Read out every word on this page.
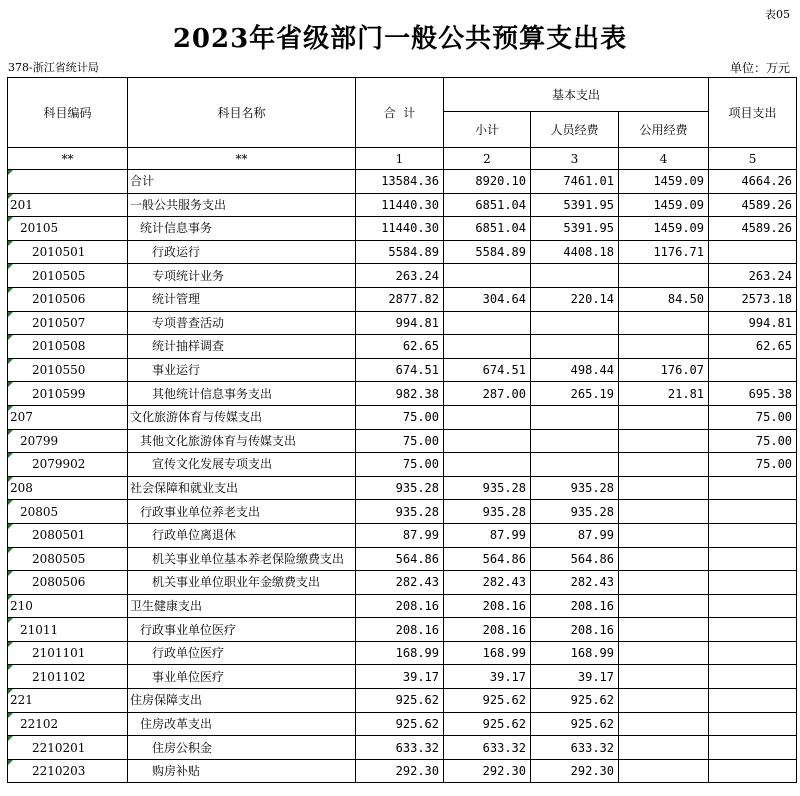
表05
2023年省级部门一般公共预算支出表
378-浙江省统计局	单位：万元
科目编码	科目名称	合  计	基本支出			项目支出
			小计	人员经费	公用经费	
**	**	1	2	3	4	5
	合计	13584.36	8920.10	7461.01	1459.09	4664.26
201	一般公共服务支出	11440.30	6851.04	5391.95	1459.09	4589.26
20105	统计信息事务	11440.30	6851.04	5391.95	1459.09	4589.26
2010501	行政运行	5584.89	5584.89	4408.18	1176.71	
2010505	专项统计业务	263.24				263.24
2010506	统计管理	2877.82	304.64	220.14	84.50	2573.18
2010507	专项普查活动	994.81				994.81
2010508	统计抽样调查	62.65				62.65
2010550	事业运行	674.51	674.51	498.44	176.07	
2010599	其他统计信息事务支出	982.38	287.00	265.19	21.81	695.38
207	文化旅游体育与传媒支出	75.00				75.00
20799	其他文化旅游体育与传媒支出	75.00				75.00
2079902	宣传文化发展专项支出	75.00				75.00
208	社会保障和就业支出	935.28	935.28	935.28		
20805	行政事业单位养老支出	935.28	935.28	935.28		
2080501	行政单位离退休	87.99	87.99	87.99		
2080505	机关事业单位基本养老保险缴费支出	564.86	564.86	564.86		
2080506	机关事业单位职业年金缴费支出	282.43	282.43	282.43		
210	卫生健康支出	208.16	208.16	208.16		
21011	行政事业单位医疗	208.16	208.16	208.16		
2101101	行政单位医疗	168.99	168.99	168.99		
2101102	事业单位医疗	39.17	39.17	39.17		
221	住房保障支出	925.62	925.62	925.62		
22102	住房改革支出	925.62	925.62	925.62		
2210201	住房公积金	633.32	633.32	633.32		
2210203	购房补贴	292.30	292.30	292.30		
